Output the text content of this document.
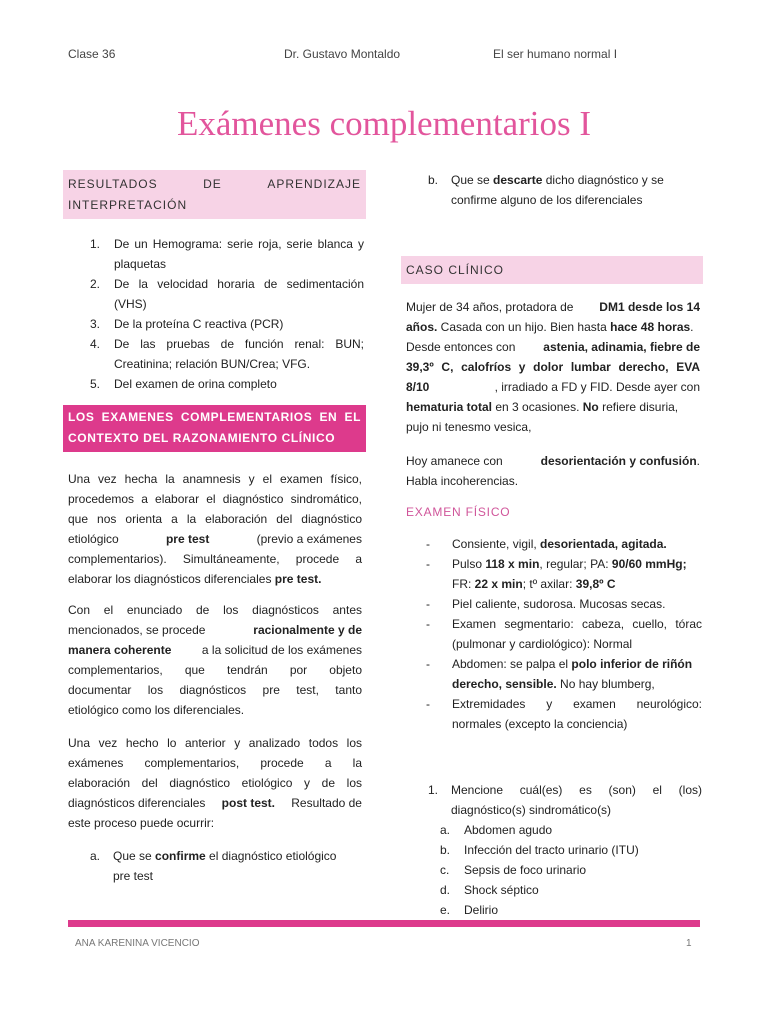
Clase 36	Dr. Gustavo Montaldo	El ser humano normal I
Exámenes complementarios I
RESULTADOS	DE	APRENDIZAJE
INTERPRETACIÓN
1. De un Hemograma: serie roja, serie blanca y
plaquetas
2. De la velocidad horaria de sedimentación
(VHS)
3. De la proteína C reactiva (PCR)
4. De las pruebas de función renal: BUN;
Creatinina; relación BUN/Crea; VFG.
5. Del examen de orina completo
LOS EXAMENES COMPLEMENTARIOS EN EL
CONTEXTO DEL RAZONAMIENTO CLÍNICO
Una vez hecha la anamnesis y el examen físico,
procedemos a elaborar el diagnóstico sindromático,
que nos orienta a la elaboración del diagnóstico
etiológico	pre test	(previo a exámenes
complementarios). Simultáneamente, procede a
elaborar los diagnósticos diferenciales pre test.
Con el enunciado de los diagnósticos antes
mencionados, se procede	racionalmente y de
manera coherente	a la solicitud de los exámenes
complementarios, que tendrán por objeto
documentar los diagnósticos pre test, tanto
etiológico como los diferenciales.
Una vez hecho lo anterior y analizado todos los
exámenes complementarios, procede a la
elaboración del diagnóstico etiológico y de los
diagnósticos diferenciales post test. Resultado de
este proceso puede ocurrir:
a. Que se confirme el diagnóstico etiológico
pre test
b. Que se descarte dicho diagnóstico y se
confirme alguno de los diferenciales
CASO CLÍNICO
Mujer de 34 años, protadora de DM1 desde los 14
años. Casada con un hijo. Bien hasta hace 48 horas.
Desde entonces con astenia, adinamia, fiebre de
39,3º C, calofríos y dolor lumbar derecho, EVA
8/10	, irradiado a FD y FID. Desde ayer con
hematuria total en 3 ocasiones. No refiere disuria,
pujo ni tenesmo vesica,
Hoy amanece con	desorientación y confusión.
Habla incoherencias.
EXAMEN FÍSICO
- Consiente, vigil, desorientada, agitada.
- Pulso 118 x min, regular; PA: 90/60 mmHg;
FR: 22 x min; tº axilar: 39,8º C
- Piel caliente, sudorosa. Mucosas secas.
- Examen segmentario: cabeza, cuello, tórac
(pulmonar y cardiológico): Normal
- Abdomen: se palpa el polo inferior de riñón
derecho, sensible. No hay blumberg,
- Extremidades y examen neurológico:
normales (excepto la conciencia)
1. Mencione cuál(es) es (son) el (los)
diagnóstico(s) sindromático(s)
a. Abdomen agudo
b. Infección del tracto urinario (ITU)
c. Sepsis de foco urinario
d. Shock séptico
e. Delirio
ANA KARENINA VICENCIO	1
